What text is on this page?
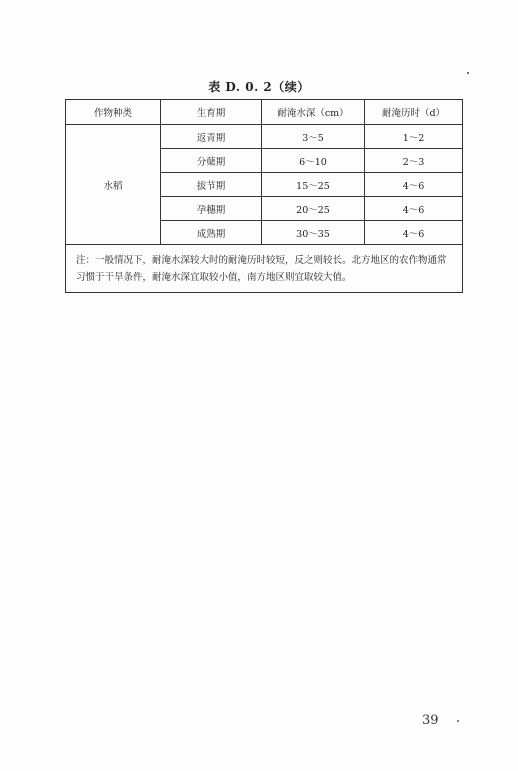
表 D. 0. 2（续）
作物种类	生育期	耐淹水深（cm）	耐淹历时（d）
水稻	返青期	3～5	1～2
	分蘖期	6～10	2～3
	拔节期	15～25	4～6
	孕穗期	20～25	4～6
	成熟期	30～35	4～6
注：一般情况下，耐淹水深较大时的耐淹历时较短，反之则较长。北方地区的农作物通常习惯于干旱条件，耐淹水深宜取较小值，南方地区则宜取较大值。			
39
